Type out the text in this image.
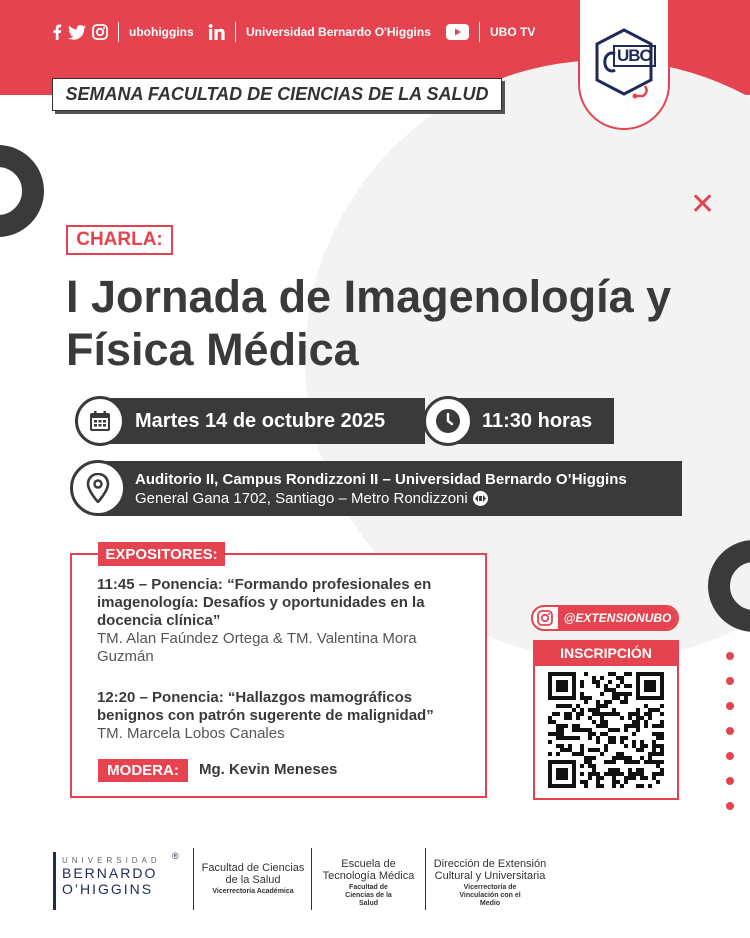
ubohiggins	Universidad Bernardo O'Higgins	UBO TV
UBO
SEMANA FACULTAD DE CIENCIAS DE LA SALUD
✕
CHARLA:
I Jornada de Imagenología y
Física Médica
Martes 14 de octubre 2025	11:30 horas
Auditorio II, Campus Rondizzoni II – Universidad Bernardo O’Higgins
General Gana 1702, Santiago – Metro Rondizzoni
EXPOSITORES:
11:45 – Ponencia: “Formando profesionales en imagenología: Desafíos y oportunidades en la docencia clínica”
TM. Alan Faúndez Ortega & TM. Valentina Mora Guzmán
12:20 – Ponencia: “Hallazgos mamográficos benignos con patrón sugerente de malignidad”
TM. Marcela Lobos Canales
MODERA:	Mg. Kevin Meneses
@EXTENSIONUBO
INSCRIPCIÓN
UNIVERSIDAD
BERNARDO
O’HIGGINS
®
Facultad de Ciencias de la Salud
Vicerrectoría Académica
Escuela de Tecnología Médica
Facultad de Ciencias de la Salud
Dirección de Extensión Cultural y Universitaria
Vicerrectoría de Vinculación con el Medio
